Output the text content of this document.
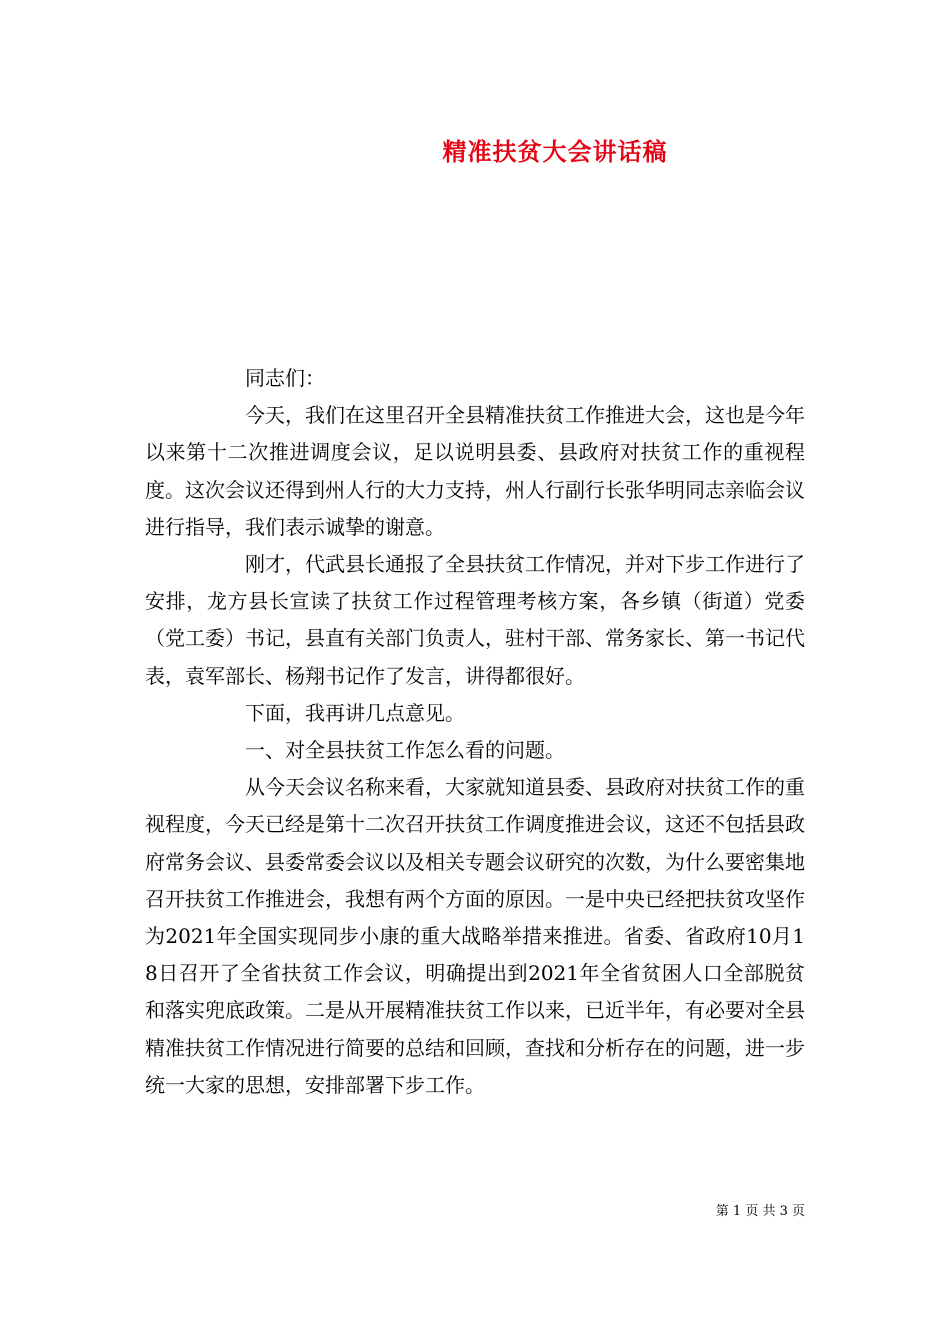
精准扶贫大会讲话稿

同志们：

今天，我们在这里召开全县精准扶贫工作推进大会，这也是今年以来第十二次推进调度会议，足以说明县委、县政府对扶贫工作的重视程度。这次会议还得到州人行的大力支持，州人行副行长张华明同志亲临会议进行指导，我们表示诚挚的谢意。

刚才，代武县长通报了全县扶贫工作情况，并对下步工作进行了安排，龙方县长宣读了扶贫工作过程管理考核方案，各乡镇（街道）党委（党工委）书记，县直有关部门负责人，驻村干部、常务家长、第一书记代表，袁军部长、杨翔书记作了发言，讲得都很好。

下面，我再讲几点意见。

一、对全县扶贫工作怎么看的问题。

从今天会议名称来看，大家就知道县委、县政府对扶贫工作的重视程度，今天已经是第十二次召开扶贫工作调度推进会议，这还不包括县政府常务会议、县委常委会议以及相关专题会议研究的次数，为什么要密集地召开扶贫工作推进会，我想有两个方面的原因。一是中央已经把扶贫攻坚作为2021年全国实现同步小康的重大战略举措来推进。省委、省政府10月18日召开了全省扶贫工作会议，明确提出到2021年全省贫困人口全部脱贫和落实兜底政策。二是从开展精准扶贫工作以来，已近半年，有必要对全县精准扶贫工作情况进行简要的总结和回顾，查找和分析存在的问题，进一步统一大家的思想，安排部署下步工作。

第 1 页 共 3 页
